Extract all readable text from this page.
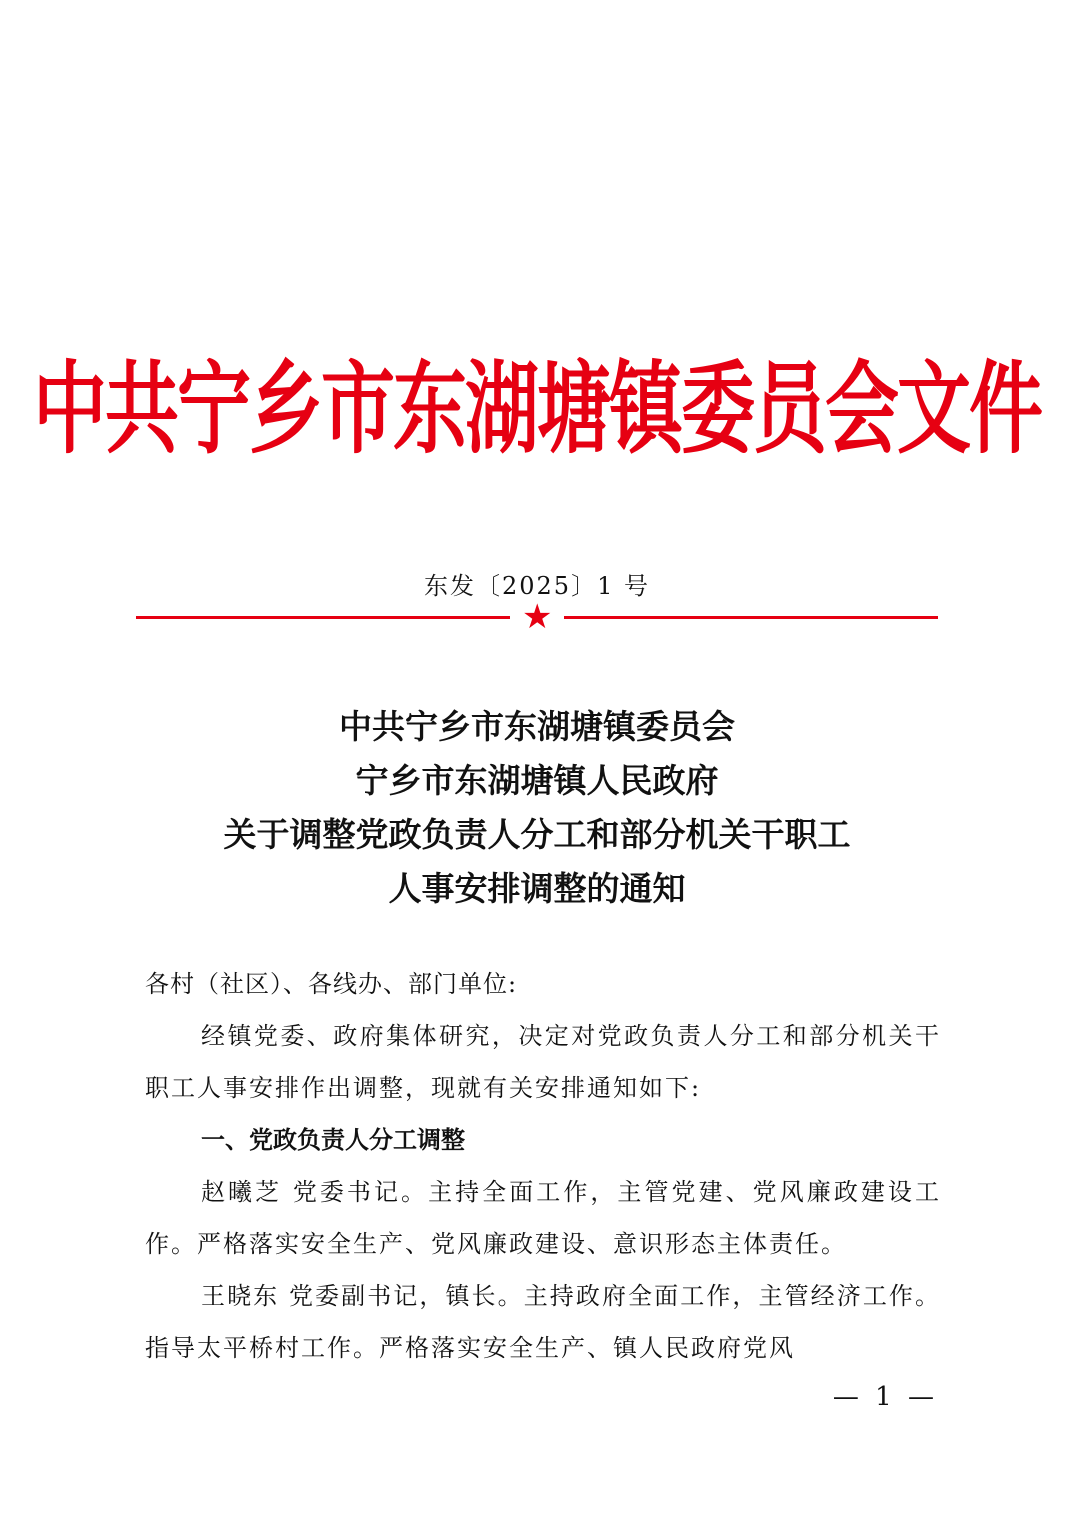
中共宁乡市东湖塘镇委员会文件
东发〔2025〕1 号
★
中共宁乡市东湖塘镇委员会
宁乡市东湖塘镇人民政府
关于调整党政负责人分工和部分机关干职工
人事安排调整的通知

各村（社区）、各线办、部门单位:

经镇党委、政府集体研究，决定对党政负责人分工和部分机关干职工人事安排作出调整，现就有关安排通知如下:

一、党政负责人分工调整

赵曦芝 党委书记。主持全面工作，主管党建、党风廉政建设工作。严格落实安全生产、党风廉政建设、意识形态主体责任。

王晓东 党委副书记，镇长。主持政府全面工作，主管经济工作。指导太平桥村工作。严格落实安全生产、镇人民政府党风

— 1 —
